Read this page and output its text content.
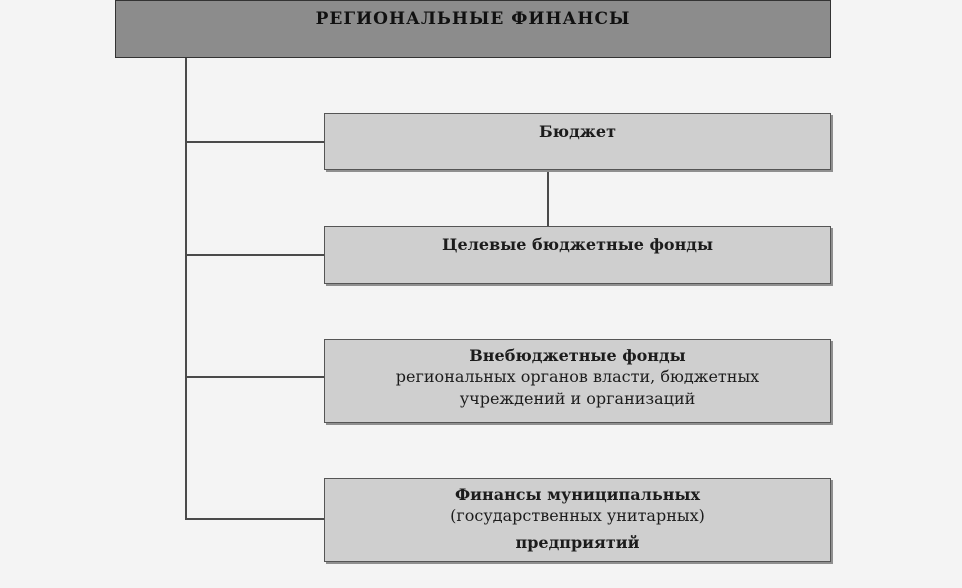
РЕГИОНАЛЬНЫЕ ФИНАНСЫ
Бюджет
Целевые бюджетные фонды
Внебюджетные фонды
региональных органов власти, бюджетных
учреждений и организаций
Финансы муниципальных
(государственных унитарных)
предприятий
